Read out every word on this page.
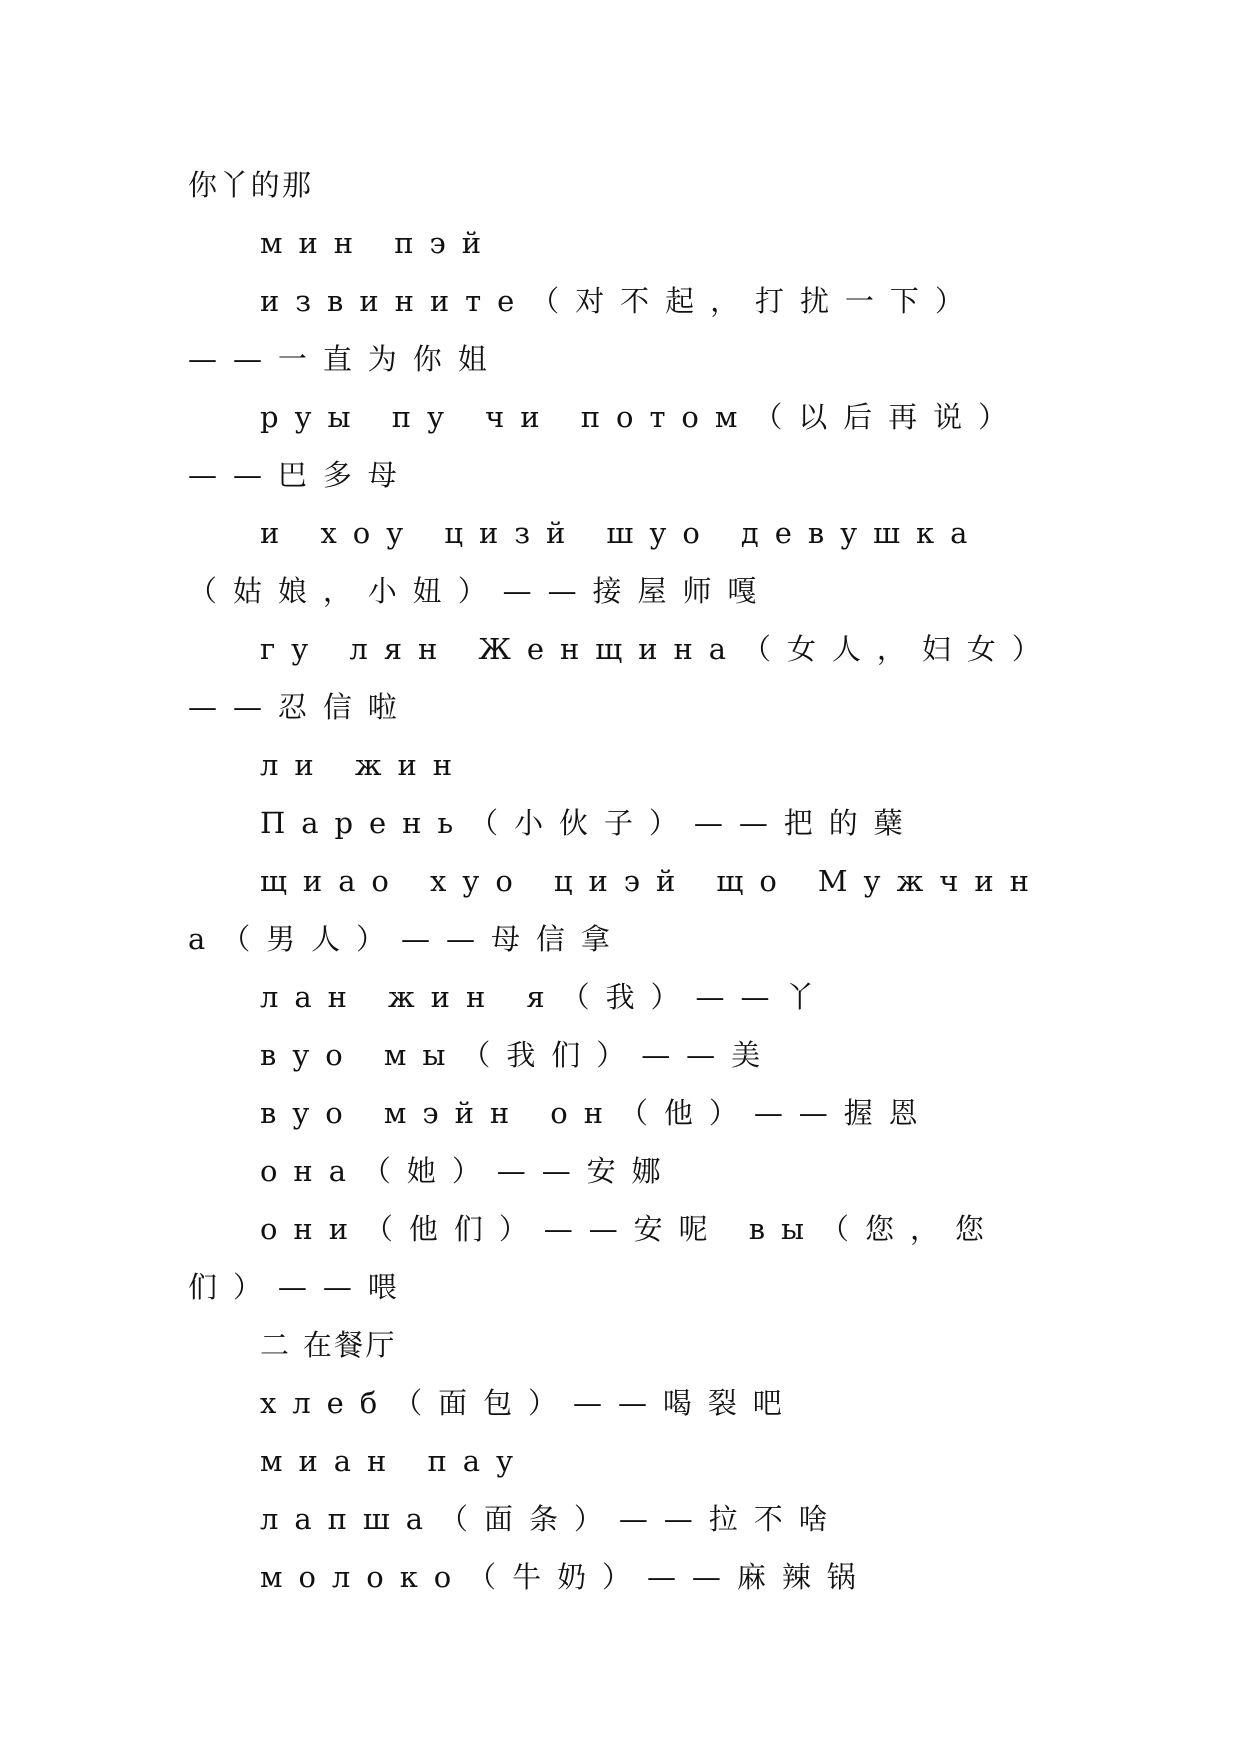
你丫的那

мин пэй

извините（对不起，打扰一下）——一直为你姐

руы пу чи потом（以后再说）——巴多母

и хоу цизй шуо девушка（姑娘，小妞）——接屋师嘎

гу лян Женщина（女人，妇女）——忍信啦

ли жин

Парень（小伙子）——把的蘖

щиао хуо циэй що Мужчина（男人）——母信拿

лан жин я（我）——丫

вуо мы（我们）——美

вуо мэйн он（他）——握恩

она（她）——安娜

они（他们）——安呢 вы（您，您们）——喂

二 在餐厅

хлеб（面包）——喝裂吧

миан пау

лапша（面条）——拉不啥

молоко（牛奶）——麻辣锅
